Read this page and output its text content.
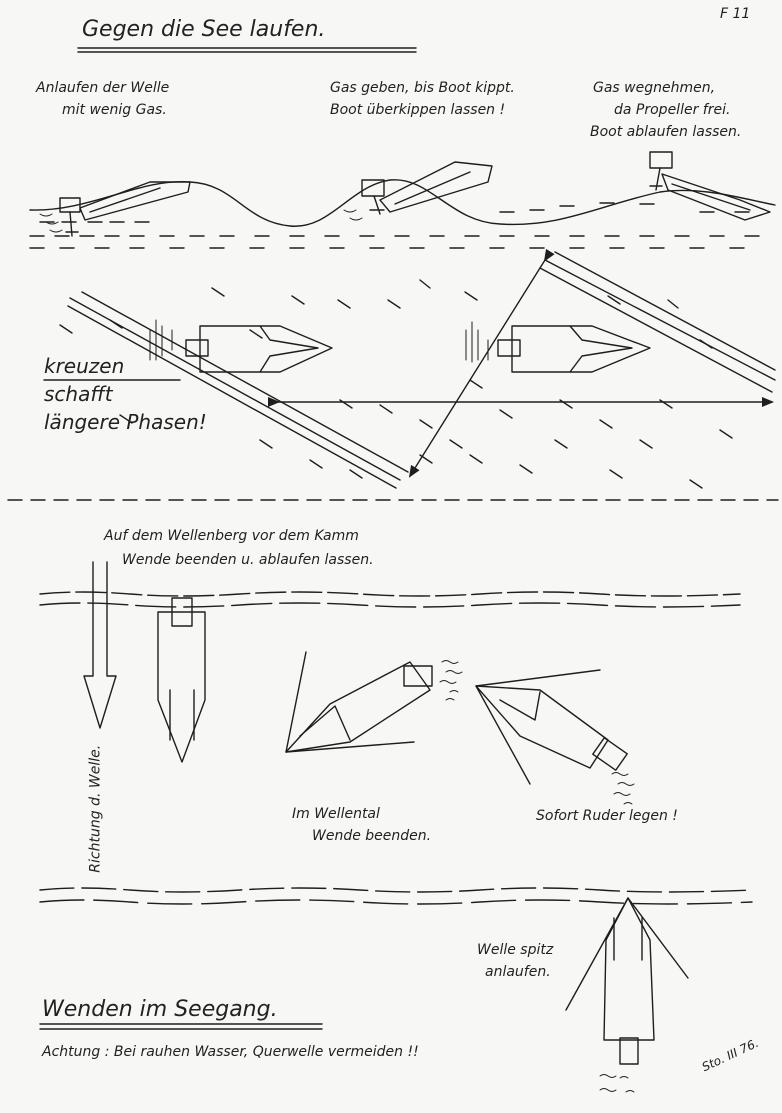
F 11
Gegen die See laufen.
Anlaufen der Welle
mit wenig Gas.
Gas geben, bis Boot kippt.
Boot überkippen lassen !
Gas wegnehmen,
da Propeller frei.
Boot ablaufen lassen.
kreuzen
schafft
längere Phasen!
Auf dem Wellenberg vor dem Kamm
Wende beenden u. ablaufen lassen.
Richtung d. Welle.	Im Wellental
Wende beenden.
Sofort Ruder legen !
Welle spitz
anlaufen.
Wenden im Seegang.
Achtung : Bei rauhen Wasser, Querwelle vermeiden !!	Sto. III 76.
